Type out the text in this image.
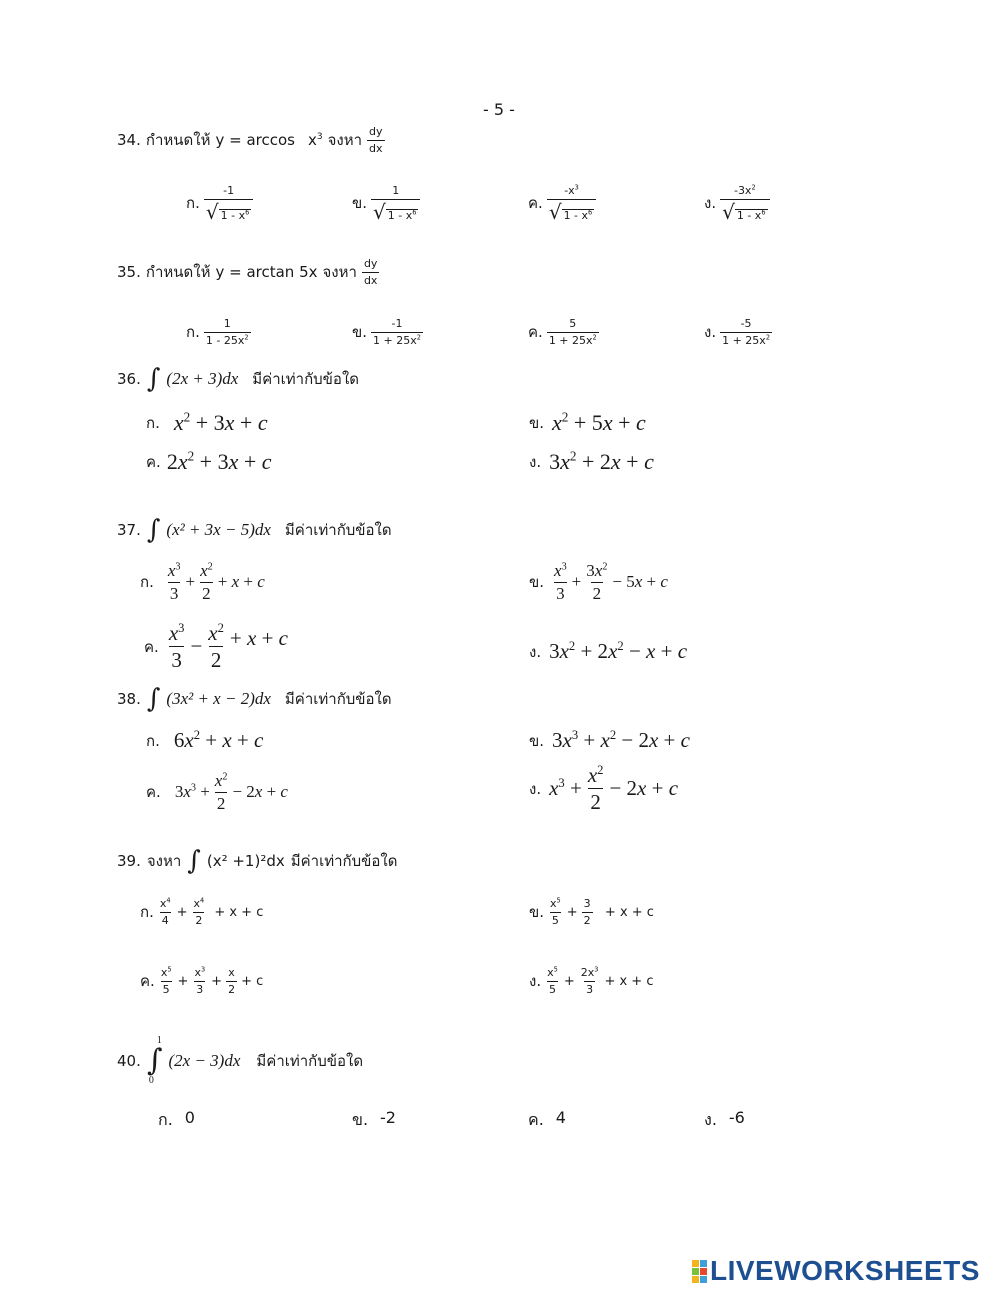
- 5 -
34. กำหนดให้ $y = \arccos x^3$ จงหา $\frac{dy}{dx}$
ก. $\frac{-1}{√ 1 - x^6}$	ข. $\frac{1}{√ 1 - x^6}$	ค. $\frac{-x^3}{√ 1 - x^6}$	ง. $\frac{-3x^2}{√ 1 - x^6}$
35. กำหนดให้ y = arctan 5x จงหา $\frac{dy}{dx}$
ก. $\frac{1}{1 - 25x^2}$	ข. $\frac{-1}{1 + 25x^2}$	ค. $\frac{5}{1 + 25x^2}$	ง. $\frac{-5}{1 + 25x^2}$
36. ∫ (2x + 3)dx มีค่าเท่ากับข้อใด
ก. $x^2 + 3x + c$	ข. $x^2 + 5x + c$
ค. $2x^2 + 3x + c$	ง. $3x^2 + 2x + c$
37. ∫ (x² + 3x − 5)dx มีค่าเท่ากับข้อใด
ก. $\frac{x^3}{3} + \frac{x^2}{2} + x + c$	ข. $\frac{x^3}{3} + \frac{3x^2}{2} - 5x + c$
ค. $\frac{x^3}{3} - \frac{x^2}{2} + x + c$
ง. $3x^2 + 2x^2 - x + c$
38. ∫ (3x² + x − 2)dx มีค่าเท่ากับข้อใด
ก. $6x^2 + x + c$	ข. $3x^3 + x^2 - 2x + c$
ค. $3x^3 + \frac{x^2}{2} - 2x + c$	ง. $x^3 + \frac{x^2}{2} - 2x + c$
39. จงหา ∫ (x² +1)²dx มีค่าเท่ากับข้อใด
ก. $\frac{x^4}{4} + \frac{x^4}{2} + x + c$	ข. $\frac{x^5}{5} + \frac{3}{2} + x + c$
ค. $\frac{x^5}{5} + \frac{x^3}{3} + \frac{x}{2} + c$	ง. $\frac{x^5}{5} + \frac{2x^3}{3} + x + c$
40.
1
∫
0
(2x − 3)dx มีค่าเท่ากับข้อใด
ก. 0	ข. -2	ค. 4	ง. -6
LIVEWORKSHEETS
